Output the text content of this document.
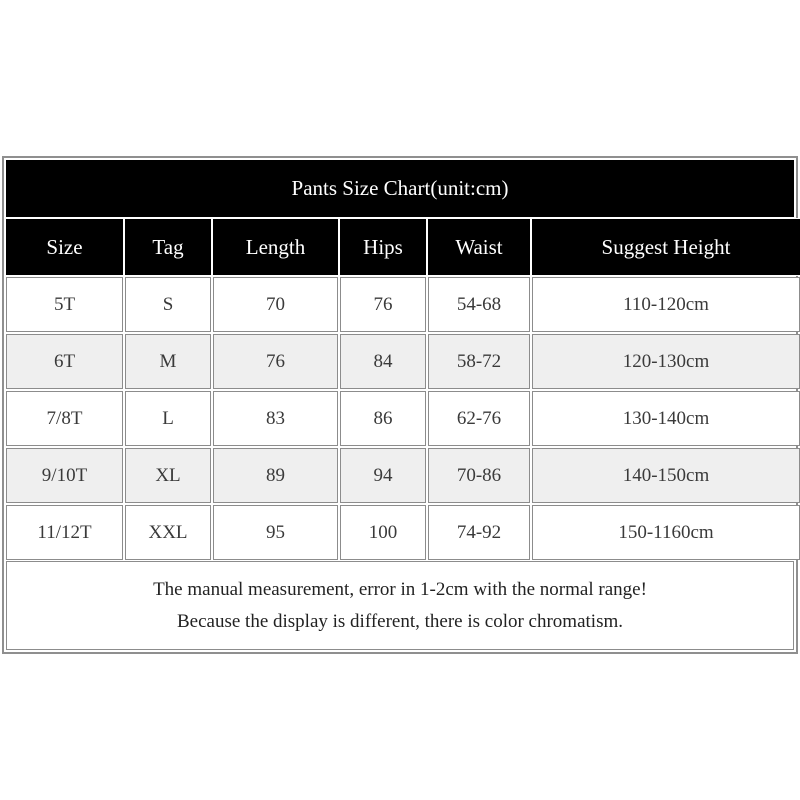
Pants Size Chart(unit:cm)
Size	Tag	Length	Hips	Waist	Suggest Height
5T	S	70	76	54-68	110-120cm
6T	M	76	84	58-72	120-130cm
7/8T	L	83	86	62-76	130-140cm
9/10T	XL	89	94	70-86	140-150cm
11/12T	XXL	95	100	74-92	150-1160cm
The manual measurement, error in 1-2cm with the normal range!
Because the display is different, there is color chromatism.
